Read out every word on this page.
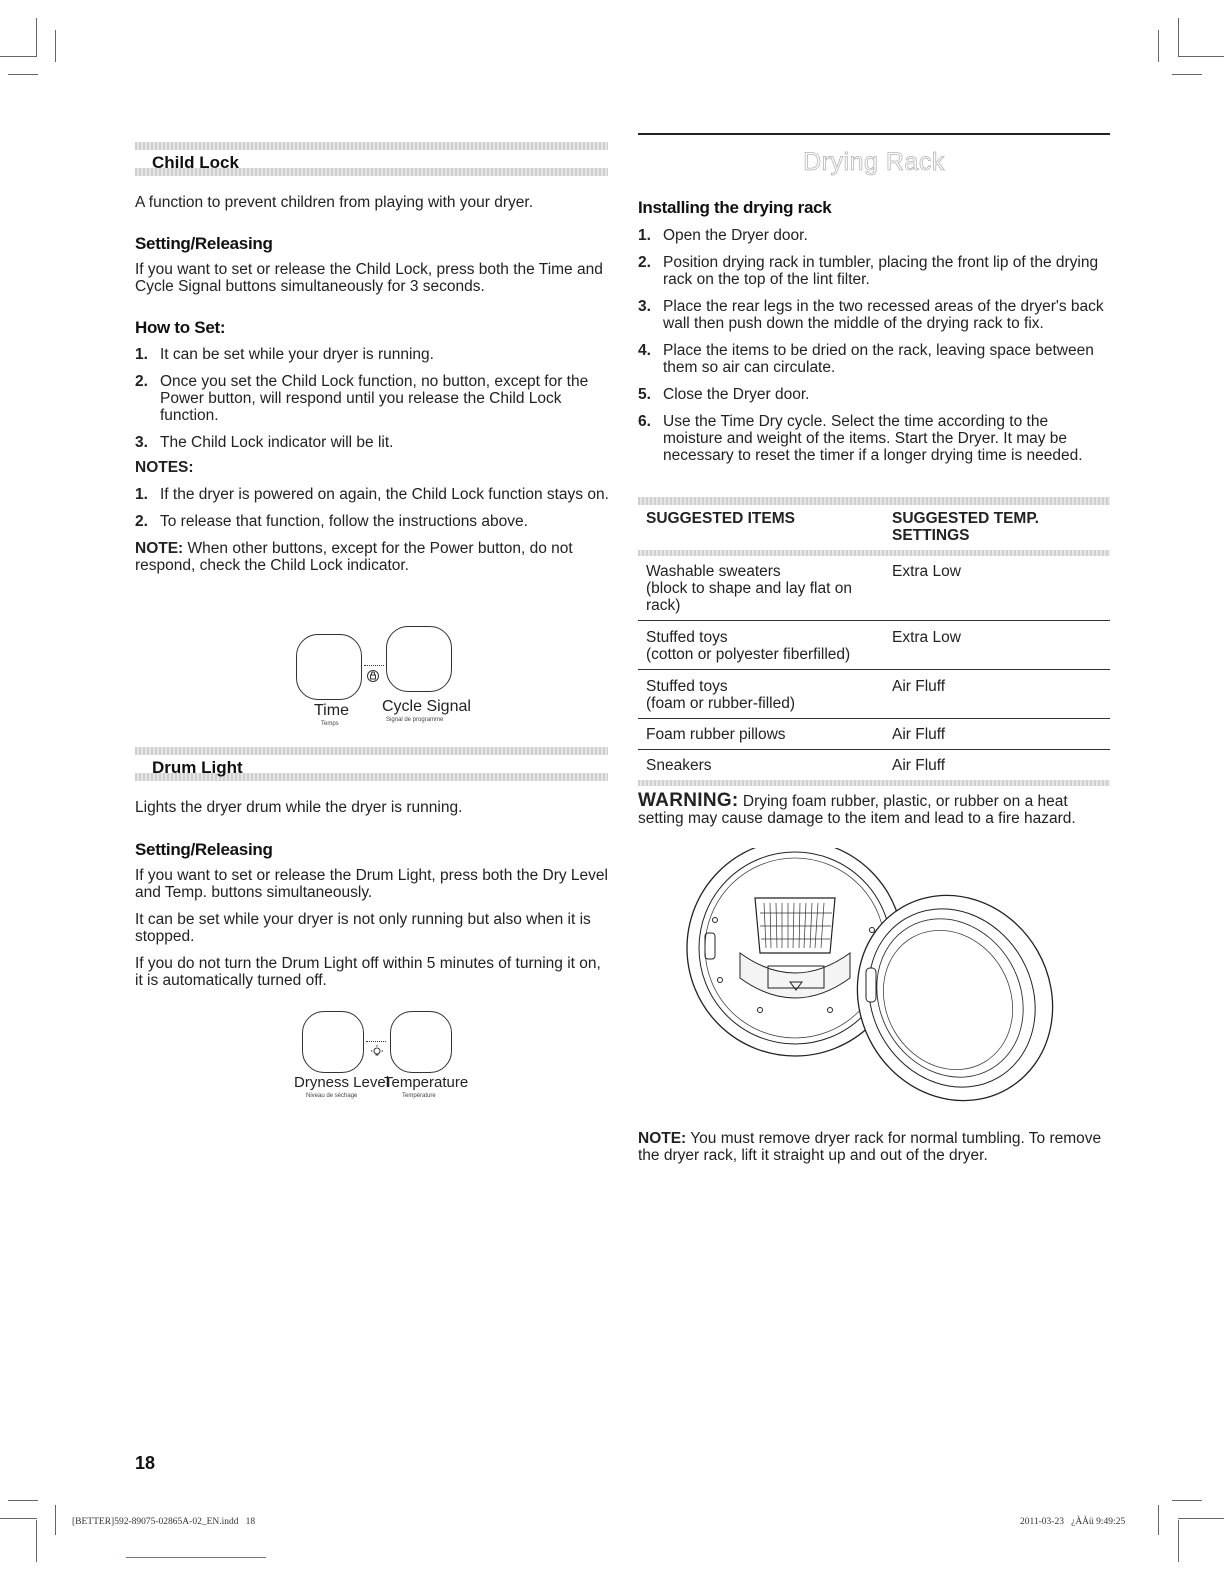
Child Lock

A function to prevent children from playing with your dryer.

Setting/Releasing

If you want to set or release the Child Lock, press both the Time and Cycle Signal buttons simultaneously for 3 seconds.

How to Set:
1. It can be set while your dryer is running.
2. Once you set the Child Lock function, no button, except for the Power button, will respond until you release the Child Lock function.
3. The Child Lock indicator will be lit.

NOTES:

1. If the dryer is powered on again, the Child Lock function stays on.
2. To release that function, follow the instructions above.

NOTE: When other buttons, except for the Power button, do not respond, check the Child Lock indicator.

Time
Temps
Cycle Signal
Signal de programme
Drum Light

Lights the dryer drum while the dryer is running.

Setting/Releasing

If you want to set or release the Drum Light, press both the Dry Level and Temp. buttons simultaneously.

It can be set while your dryer is not only running but also when it is stopped.

If you do not turn the Drum Light off within 5 minutes of turning it on, it is automatically turned off.

Dryness Level
Niveau de séchage
Temperature
Température
Drying Rack
Installing the drying rack
1. Open the Dryer door.
2. Position drying rack in tumbler, placing the front lip of the drying rack on the top of the lint filter.
3. Place the rear legs in the two recessed areas of the dryer's back wall then push down the middle of the drying rack to fix.
4. Place the items to be dried on the rack, leaving space between them so air can circulate.
5. Close the Dryer door.
6. Use the Time Dry cycle. Select the time according to the moisture and weight of the items. Start the Dryer. It may be necessary to reset the timer if a longer drying time is needed.
SUGGESTED ITEMS	SUGGESTED TEMP. SETTINGS
Washable sweaters
(block to shape and lay flat on rack)	Extra Low

Stuffed toys
(cotton or polyester fiberfilled)	Extra Low

Stuffed toys
(foam or rubber-filled)	Air Fluff
Foam rubber pillows	Air Fluff
Sneakers	Air Fluff
WARNING: Drying foam rubber, plastic, or rubber on a heat setting may cause damage to the item and lead to a fire hazard.
NOTE: You must remove dryer rack for normal tumbling. To remove the dryer rack, lift it straight up and out of the dryer.
18
[BETTER]592-89075-02865A-02_EN.indd   18	2011-03-23   ¿ÀÀü 9:49:25
